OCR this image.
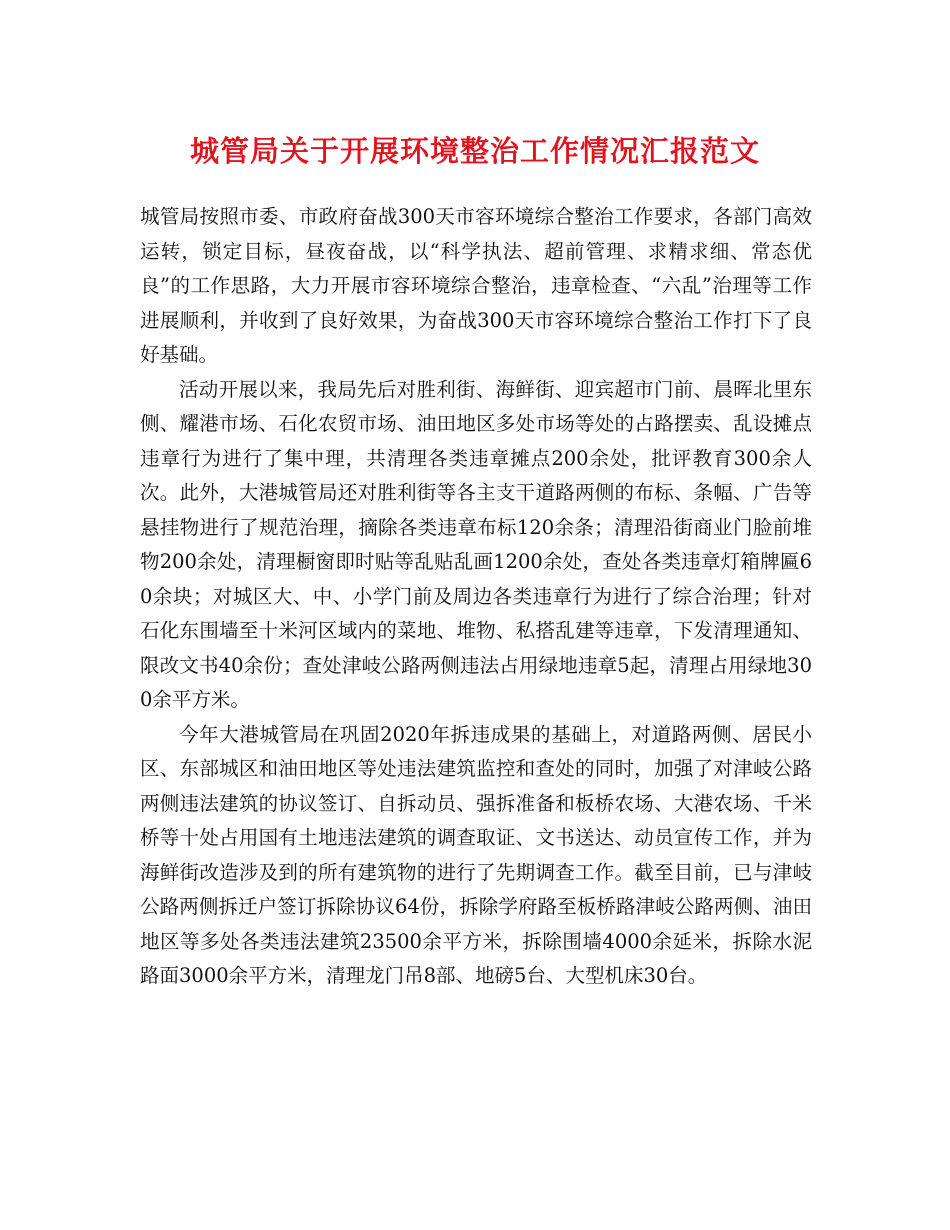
城管局关于开展环境整治工作情况汇报范文

城管局按照市委、市政府奋战300天市容环境综合整治工作要求，各部门高效运转，锁定目标，昼夜奋战，以“科学执法、超前管理、求精求细、常态优良”的工作思路，大力开展市容环境综合整治，违章检查、“六乱”治理等工作进展顺利，并收到了良好效果，为奋战300天市容环境综合整治工作打下了良好基础。

活动开展以来，我局先后对胜利街、海鲜街、迎宾超市门前、晨晖北里东侧、耀港市场、石化农贸市场、油田地区多处市场等处的占路摆卖、乱设摊点违章行为进行了集中理，共清理各类违章摊点200余处，批评教育300余人次。此外，大港城管局还对胜利街等各主支干道路两侧的布标、条幅、广告等悬挂物进行了规范治理，摘除各类违章布标120余条；清理沿街商业门脸前堆物200余处，清理橱窗即时贴等乱贴乱画1200余处，查处各类违章灯箱牌匾60余块；对城区大、中、小学门前及周边各类违章行为进行了综合治理；针对石化东围墙至十米河区域内的菜地、堆物、私搭乱建等违章，下发清理通知、限改文书40余份；查处津岐公路两侧违法占用绿地违章5起，清理占用绿地300余平方米。

今年大港城管局在巩固2020年拆违成果的基础上，对道路两侧、居民小区、东部城区和油田地区等处违法建筑监控和查处的同时，加强了对津岐公路两侧违法建筑的协议签订、自拆动员、强拆准备和板桥农场、大港农场、千米桥等十处占用国有土地违法建筑的调查取证、文书送达、动员宣传工作，并为海鲜街改造涉及到的所有建筑物的进行了先期调查工作。截至目前，已与津岐公路两侧拆迁户签订拆除协议64份，拆除学府路至板桥路津岐公路两侧、油田地区等多处各类违法建筑23500余平方米，拆除围墙4000余延米，拆除水泥路面3000余平方米，清理龙门吊8部、地磅5台、大型机床30台。
